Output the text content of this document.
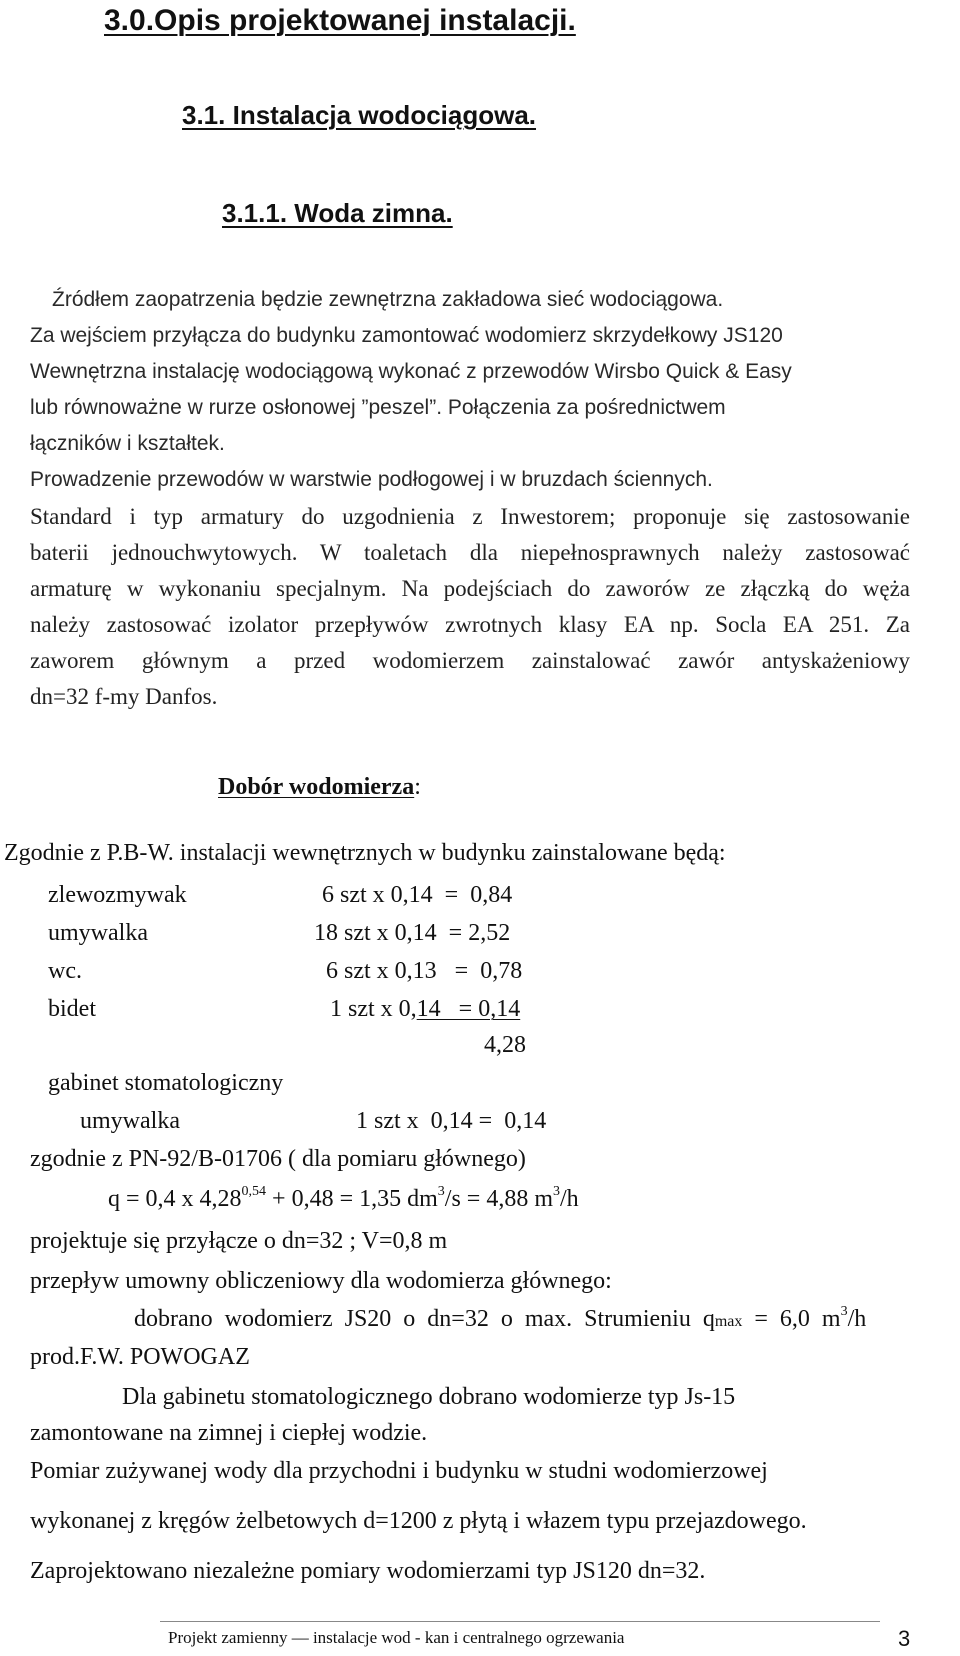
3.0.Opis projektowanej instalacji.
3.1. Instalacja wodociągowa.
3.1.1. Woda zimna.
Źródłem zaopatrzenia będzie zewnętrzna zakładowa sieć wodociągowa.
Za wejściem przyłącza do budynku zamontować wodomierz skrzydełkowy JS120
Wewnętrzna instalację wodociągową wykonać z przewodów Wirsbo Quick & Easy
lub równoważne w rurze osłonowej ”peszel”. Połączenia za pośrednictwem
łączników i kształtek.
Prowadzenie przewodów w warstwie podłogowej i w bruzdach ściennych.
Standard i typ armatury do uzgodnienia z Inwestorem; proponuje się zastosowanie
baterii jednouchwytowych. W toaletach dla niepełnosprawnych należy zastosować
armaturę w wykonaniu specjalnym. Na podejściach do zaworów ze złączką do węża
należy zastosować izolator przepływów zwrotnych klasy EA np. Socla EA 251. Za
zaworem głównym a przed wodomierzem zainstalować zawór antyskażeniowy
dn=32 f-my Danfos.
Dobór wodomierza:
Zgodnie z P.B-W. instalacji wewnętrznych w budynku zainstalowane będą:
zlewozmywak	6 szt x 0,14  =  0,84
umywalka	18 szt x 0,14  = 2,52
wc.	6 szt x 0,13   =  0,78
bidet	1 szt x 0,14   = 0,14
4,28
gabinet stomatologiczny
umywalka	1 szt x  0,14 =  0,14
zgodnie z PN-92/B-01706 ( dla pomiaru głównego)
q = 0,4 x $4,28^{0,54} + 0,48 = 1,35$ $dm^3/s = 4,88$ $m^3/h$
projektuje się przyłącze o dn=32 ; V=0,8 m
przepływ umowny obliczeniowy dla wodomierza głównego:
dobrano  wodomierz  JS20  o  dn=32  o  max.  Strumieniu  qmax  =  6,0  $m^3/h$
prod.F.W. POWOGAZ
Dla gabinetu stomatologicznego dobrano wodomierze typ Js-15
zamontowane na zimnej i ciepłej wodzie.
Pomiar zużywanej wody dla przychodni i budynku w studni wodomierzowej
wykonanej z kręgów żelbetowych d=1200 z płytą i włazem typu przejazdowego.
Zaprojektowano niezależne pomiary wodomierzami typ JS120 dn=32.
Projekt zamienny — instalacje wod - kan i centralnego ogrzewania	3
